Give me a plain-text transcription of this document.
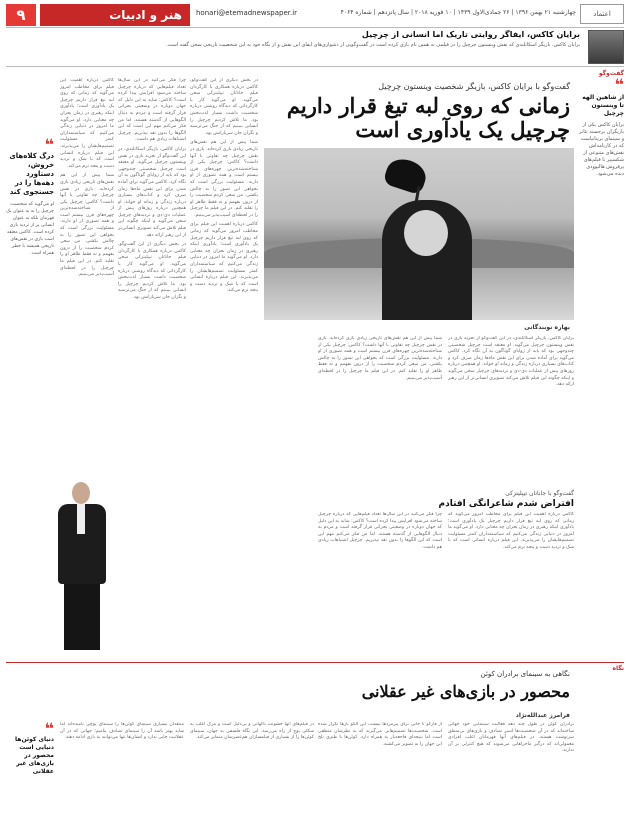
اعتماد
چهارشنبه ۲۱ بهمن ۱۳۹۶ | ۲۶ جمادی‌الاول ۱۴۳۹ | ۱۰ فوریه ۲۰۱۸ | سال پانزدهم | شماره ۴۰۶۴
honari@etemadnewspaper.ir
هنر و ادبیات
۹
برایان کاکس، ایفاگر روایتی تاریک اما انسانی از چرچیل
برایان کاکس، بازیگر اسکاتلندی که نقش وینستون چرچیل را در فیلمی به همین نام بازی کرده است در گفت‌وگویی از دشواری‌های ایفای این نقش و از نگاه خود به این شخصیت تاریخی سخن گفته است.
گفت‌وگو
گفت‌وگو با برایان کاکس، بازیگر شخصیت وینستون چرچیل
زمانی که روی لبه تیغ قرار داریم چرچیل یک یادآوری است
❝
از شاهین الهه تا وینستون چرچیل
برایان کاکس یکی از بازیگران برجسته تئاتر و سینمای بریتانیاست که در کارنامه‌اش نقش‌های متنوعی از شکسپیر تا فیلم‌های پرفروش هالیوودی دیده می‌شود.
بهاره نوبندگانی

برایان کاکس، بازیگر اسکاتلندی، در این گفت‌وگو از تجربه بازی در نقش وینستون چرچیل می‌گوید. او معتقد است چرچیل شخصیتی چندوجهی بود که باید از زوایای گوناگون به آن نگاه کرد. کاکس می‌گوید برای آماده شدن برای این نقش ماه‌ها زمان صرف کرد و کتاب‌های بسیاری درباره زندگی و زمانه او خواند. او همچنین درباره روزهای پیش از عملیات دی-دی و تردیدهای چرچیل سخن می‌گوید و اینکه چگونه این فیلم تلاش می‌کند تصویری انسانی‌تر از این رهبر ارائه دهد.

شما پیش از این هم نقش‌های تاریخی زیادی بازی کرده‌اید. بازی در نقش چرچیل چه تفاوتی با آنها داشت؟ کاکس: چرچیل یکی از شناخته‌شده‌ترین چهره‌های قرن بیستم است و همه تصوری از او دارند. مسئولیت بزرگی است که بخواهی این تصور را به چالش بکشی. من سعی کردم شخصیت را از درون بفهمم و نه فقط ظاهر او را تقلید کنم. در این فیلم ما چرچیل را در لحظه‌ای آسیب‌پذیر می‌بینیم.

گفت‌وگو با جاناتان تیپلیتزکی
افتراض شدم شاعرانگی افتادم

کاکس درباره اهمیت این فیلم برای مخاطب امروز می‌گوید که زمانی که روی لبه تیغ قرار داریم چرچیل یک یادآوری است؛ یادآوری اینکه رهبری در زمان بحران چه معنایی دارد. او می‌گوید ما امروز در دنیایی زندگی می‌کنیم که سیاستمداران کمتر مسئولیت تصمیم‌هایشان را می‌پذیرند. این فیلم درباره انسانی است که با شک و تردید دست و پنجه نرم می‌کند.

چرا فکر می‌کنید در این سال‌ها تعداد فیلم‌هایی که درباره چرچیل ساخته می‌شود افزایش پیدا کرده است؟ کاکس: شاید به این دلیل که جهان دوباره در وضعیتی بحرانی قرار گرفته است و مردم به دنبال الگوهایی از گذشته هستند. اما من فکر می‌کنم مهم این است که این الگوها را بدون نقد نپذیریم. چرچیل اشتباهات زیادی هم داشت.

در بخش دیگری از این گفت‌وگو، کاکس درباره همکاری با کارگردان فیلم جاناتان تیپلیتزکی سخن می‌گوید. او می‌گوید کار با کارگردانی که دیدگاه روشنی درباره شخصیت داشت بسیار لذت‌بخش بود. ما تلاش کردیم چرچیل را انسانی ببینیم که از جنگ می‌ترسید و نگران جان سربازانش بود.

شما پیش از این هم نقش‌های تاریخی زیادی بازی کرده‌اید. بازی در نقش چرچیل چه تفاوتی با آنها داشت؟ کاکس: چرچیل یکی از شناخته‌شده‌ترین چهره‌های قرن بیستم است و همه تصوری از او دارند. مسئولیت بزرگی است که بخواهی این تصور را به چالش بکشی. من سعی کردم شخصیت را از درون بفهمم و نه فقط ظاهر او را تقلید کنم. در این فیلم ما چرچیل را در لحظه‌ای آسیب‌پذیر می‌بینیم.

کاکس درباره اهمیت این فیلم برای مخاطب امروز می‌گوید که زمانی که روی لبه تیغ قرار داریم چرچیل یک یادآوری است؛ یادآوری اینکه رهبری در زمان بحران چه معنایی دارد. او می‌گوید ما امروز در دنیایی زندگی می‌کنیم که سیاستمداران کمتر مسئولیت تصمیم‌هایشان را می‌پذیرند. این فیلم درباره انسانی است که با شک و تردید دست و پنجه نرم می‌کند.

چرا فکر می‌کنید در این سال‌ها تعداد فیلم‌هایی که درباره چرچیل ساخته می‌شود افزایش پیدا کرده است؟ کاکس: شاید به این دلیل که جهان دوباره در وضعیتی بحرانی قرار گرفته است و مردم به دنبال الگوهایی از گذشته هستند. اما من فکر می‌کنم مهم این است که این الگوها را بدون نقد نپذیریم. چرچیل اشتباهات زیادی هم داشت.

برایان کاکس، بازیگر اسکاتلندی، در این گفت‌وگو از تجربه بازی در نقش وینستون چرچیل می‌گوید. او معتقد است چرچیل شخصیتی چندوجهی بود که باید از زوایای گوناگون به آن نگاه کرد. کاکس می‌گوید برای آماده شدن برای این نقش ماه‌ها زمان صرف کرد و کتاب‌های بسیاری درباره زندگی و زمانه او خواند. او همچنین درباره روزهای پیش از عملیات دی-دی و تردیدهای چرچیل سخن می‌گوید و اینکه چگونه این فیلم تلاش می‌کند تصویری انسانی‌تر از این رهبر ارائه دهد.

در بخش دیگری از این گفت‌وگو، کاکس درباره همکاری با کارگردان فیلم جاناتان تیپلیتزکی سخن می‌گوید. او می‌گوید کار با کارگردانی که دیدگاه روشنی درباره شخصیت داشت بسیار لذت‌بخش بود. ما تلاش کردیم چرچیل را انسانی ببینیم که از جنگ می‌ترسید و نگران جان سربازانش بود.

کاکس درباره اهمیت این فیلم برای مخاطب امروز می‌گوید که زمانی که روی لبه تیغ قرار داریم چرچیل یک یادآوری است؛ یادآوری اینکه رهبری در زمان بحران چه معنایی دارد. او می‌گوید ما امروز در دنیایی زندگی می‌کنیم که سیاستمداران کمتر مسئولیت تصمیم‌هایشان را می‌پذیرند. این فیلم درباره انسانی است که با شک و تردید دست و پنجه نرم می‌کند.

شما پیش از این هم نقش‌های تاریخی زیادی بازی کرده‌اید. بازی در نقش چرچیل چه تفاوتی با آنها داشت؟ کاکس: چرچیل یکی از شناخته‌شده‌ترین چهره‌های قرن بیستم است و همه تصوری از او دارند. مسئولیت بزرگی است که بخواهی این تصور را به چالش بکشی. من سعی کردم شخصیت را از درون بفهمم و نه فقط ظاهر او را تقلید کنم. در این فیلم ما چرچیل را در لحظه‌ای آسیب‌پذیر می‌بینیم.

❝
درگ کلاه‌های خروش، دستاورد دهه‌ها را در جستجوی کند
او می‌گوید که شخصیت چرچیل را نه به عنوان یک قهرمان بلکه به عنوان انسانی پر از تردید بازی کرده است. کاکس معتقد است بازی در نقش‌های تاریخی همیشه با خطر همراه است.
نگاه
نگاهی به سینمای برادران کوئن
محصور در بازی‌های غیر عقلانی
فرامرز عبدالله‌نژاد

برادران کوئن در طول چند دهه فعالیت سینمایی خود جهانی ساخته‌اند که در آن شخصیت‌ها اسیر تصادف و بازی‌های بی‌منطق سرنوشت هستند. در فیلم‌های آنها قهرمانان اغلب افرادی معمولی‌اند که درگیر ماجراهایی می‌شوند که هیچ کنترلی بر آن ندارند.

از فارگو تا جایی برای پیرمردها نیست، این الگو بارها تکرار شده است. شخصیت‌ها تصمیم‌هایی می‌گیرند که به نظرشان منطقی است اما نتیجه‌ای فاجعه‌بار به همراه دارد. کوئن‌ها با طنزی تلخ این جهان را به تصویر می‌کشند.

در فیلم‌های آنها خشونت ناگهانی و بی‌دلیل است و مرگ اغلب به شکلی پوچ از راه می‌رسد. این نگاه فلسفی به جهان، سینمای کوئن‌ها را از بسیاری از فیلمسازان هم‌عصرشان متمایز می‌کند.

منتقدان بسیاری سینمای کوئن‌ها را سینمای پوچی نامیده‌اند اما شاید بهتر باشد آن را سینمای تصادف بنامیم؛ جهانی که در آن عقلانیت جایی ندارد و انسان‌ها تنها می‌توانند به بازی ادامه دهند.

❝
دنیای کوئن‌ها دنیایی است محصور در بازی‌های غیر عقلانی
